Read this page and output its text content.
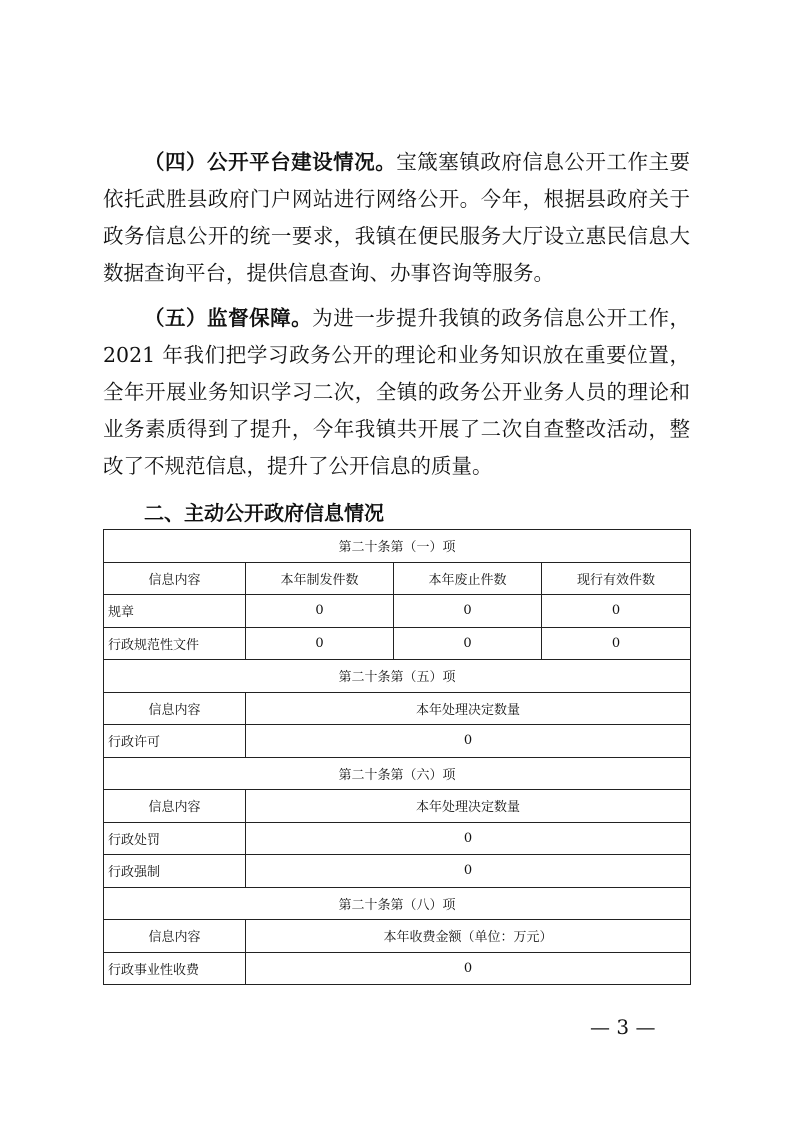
（四）公开平台建设情况。宝箴塞镇政府信息公开工作主要依托武胜县政府门户网站进行网络公开。今年，根据县政府关于政务信息公开的统一要求，我镇在便民服务大厅设立惠民信息大数据查询平台，提供信息查询、办事咨询等服务。

（五）监督保障。为进一步提升我镇的政务信息公开工作，2021 年我们把学习政务公开的理论和业务知识放在重要位置，全年开展业务知识学习二次，全镇的政务公开业务人员的理论和业务素质得到了提升，今年我镇共开展了二次自查整改活动，整改了不规范信息，提升了公开信息的质量。

二、主动公开政府信息情况
第二十条第（一）项			
信息内容	本年制发件数	本年废止件数	现行有效件数
规章	0	0	0
行政规范性文件	0	0	0
第二十条第（五）项			
信息内容	本年处理决定数量		
行政许可	0		
第二十条第（六）项			
信息内容	本年处理决定数量		
行政处罚	0		
行政强制	0		
第二十条第（八）项			
信息内容	本年收费金额（单位：万元）		
行政事业性收费	0		

— 3 —
